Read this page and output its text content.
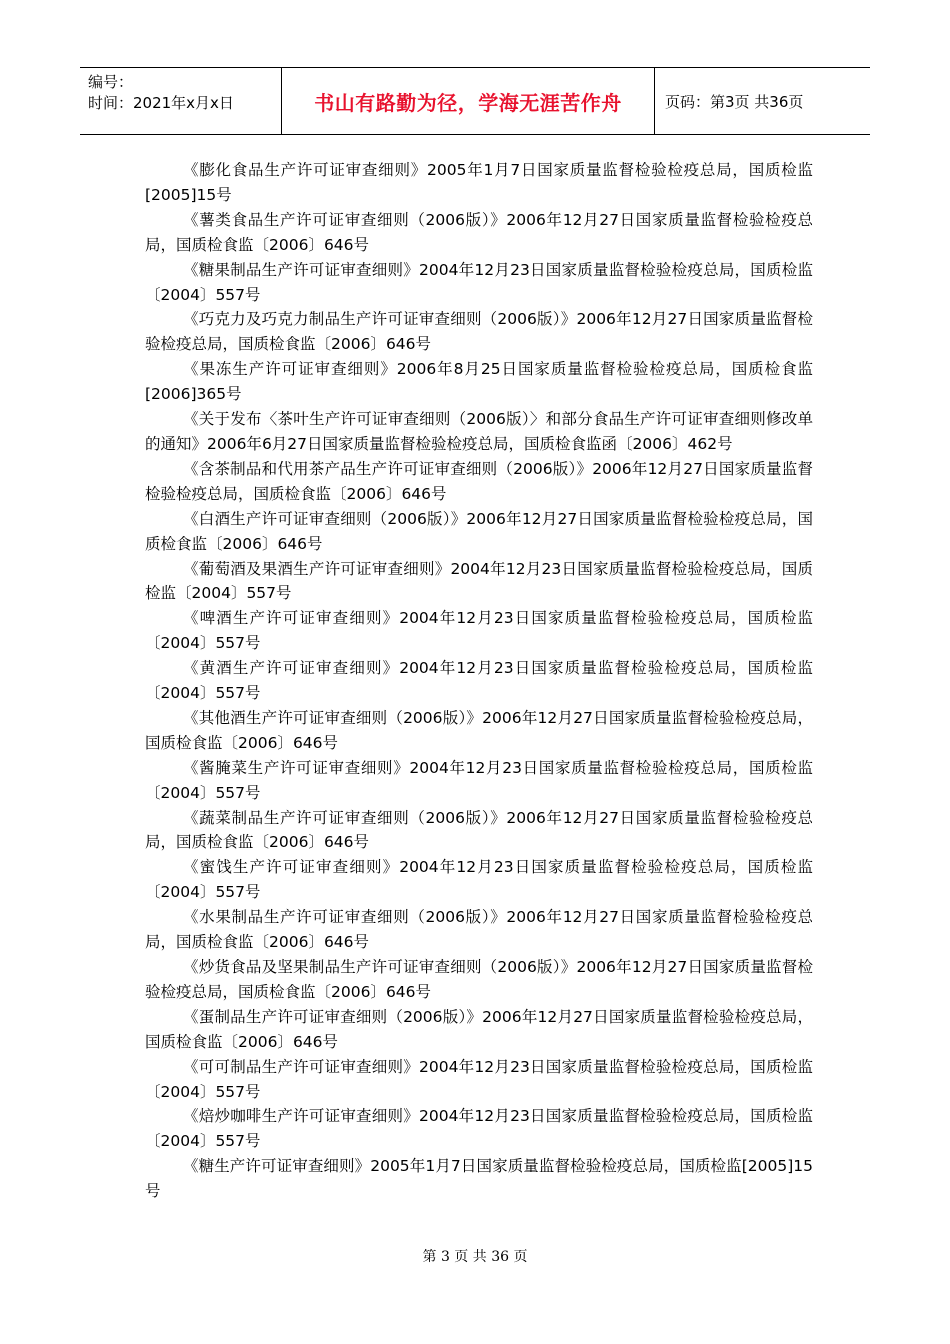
编号：
时间：2021年x月x日	书山有路勤为径，学海无涯苦作舟	页码：第3页 共36页

《膨化食品生产许可证审查细则》2005年1月7日国家质量监督检验检疫总局，国质检监[2005]15号

《薯类食品生产许可证审查细则（2006版）》2006年12月27日国家质量监督检验检疫总局，国质检食监〔2006〕646号

《糖果制品生产许可证审查细则》2004年12月23日国家质量监督检验检疫总局，国质检监〔2004〕557号

《巧克力及巧克力制品生产许可证审查细则（2006版）》2006年12月27日国家质量监督检验检疫总局，国质检食监〔2006〕646号

《果冻生产许可证审查细则》2006年8月25日国家质量监督检验检疫总局，国质检食监[2006]365号

《关于发布〈茶叶生产许可证审查细则（2006版）〉和部分食品生产许可证审查细则修改单的通知》2006年6月27日国家质量监督检验检疫总局，国质检食监函〔2006〕462号

《含茶制品和代用茶产品生产许可证审查细则（2006版）》2006年12月27日国家质量监督检验检疫总局，国质检食监〔2006〕646号

《白酒生产许可证审查细则（2006版）》2006年12月27日国家质量监督检验检疫总局，国质检食监〔2006〕646号

《葡萄酒及果酒生产许可证审查细则》2004年12月23日国家质量监督检验检疫总局，国质检监〔2004〕557号

《啤酒生产许可证审查细则》2004年12月23日国家质量监督检验检疫总局，国质检监〔2004〕557号

《黄酒生产许可证审查细则》2004年12月23日国家质量监督检验检疫总局，国质检监〔2004〕557号

《其他酒生产许可证审查细则（2006版）》2006年12月27日国家质量监督检验检疫总局，国质检食监〔2006〕646号

《酱腌菜生产许可证审查细则》2004年12月23日国家质量监督检验检疫总局，国质检监〔2004〕557号

《蔬菜制品生产许可证审查细则（2006版）》2006年12月27日国家质量监督检验检疫总局，国质检食监〔2006〕646号

《蜜饯生产许可证审查细则》2004年12月23日国家质量监督检验检疫总局，国质检监〔2004〕557号

《水果制品生产许可证审查细则（2006版）》2006年12月27日国家质量监督检验检疫总局，国质检食监〔2006〕646号

《炒货食品及坚果制品生产许可证审查细则（2006版）》2006年12月27日国家质量监督检验检疫总局，国质检食监〔2006〕646号

《蛋制品生产许可证审查细则（2006版）》2006年12月27日国家质量监督检验检疫总局，国质检食监〔2006〕646号

《可可制品生产许可证审查细则》2004年12月23日国家质量监督检验检疫总局，国质检监〔2004〕557号

《焙炒咖啡生产许可证审查细则》2004年12月23日国家质量监督检验检疫总局，国质检监〔2004〕557号

《糖生产许可证审查细则》2005年1月7日国家质量监督检验检疫总局，国质检监[2005]15号

第 3 页 共 36 页
